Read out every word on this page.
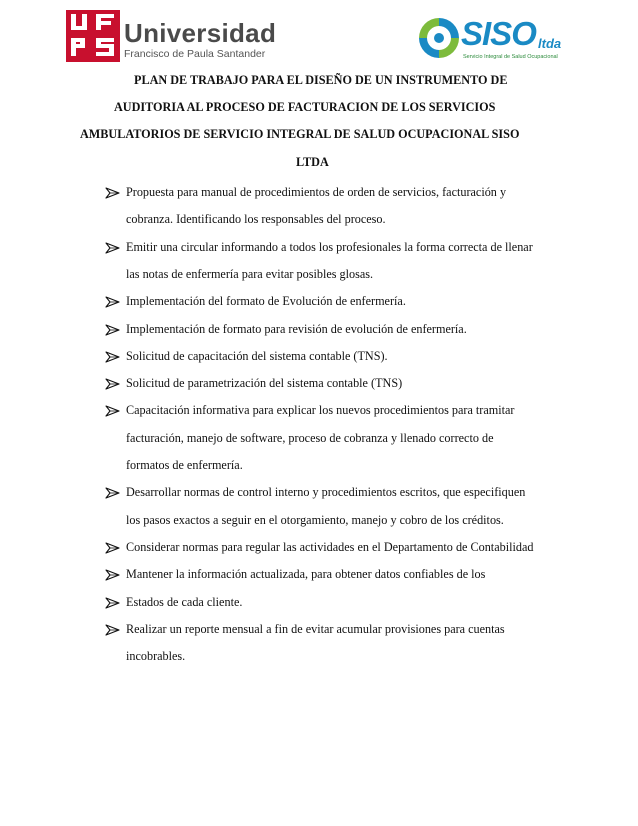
Universidad
Francisco de Paula Santander
SISO ltda
Servicio Integral de Salud Ocupacional
PLAN DE TRABAJO PARA EL DISEÑO DE UN INSTRUMENTO DE
AUDITORIA AL PROCESO DE FACTURACION DE LOS SERVICIOS
AMBULATORIOS DE SERVICIO INTEGRAL DE SALUD OCUPACIONAL SISO
LTDA
Propuesta para manual de procedimientos de orden de servicios, facturación y
cobranza. Identificando los responsables del proceso.
Emitir una circular informando a todos los profesionales la forma correcta de llenar
las notas de enfermería para evitar posibles glosas.
Implementación del formato de Evolución de enfermería.
Implementación de formato para revisión de evolución de enfermería.
Solicitud de capacitación del sistema contable (TNS).
Solicitud de parametrización del sistema contable (TNS)
Capacitación informativa para explicar los nuevos procedimientos para tramitar
facturación, manejo de software, proceso de cobranza y llenado correcto de
formatos de enfermería.
Desarrollar normas de control interno y procedimientos escritos, que especifiquen
los pasos exactos a seguir en el otorgamiento, manejo y cobro de los créditos.
Considerar normas para regular las actividades en el Departamento de Contabilidad
Mantener la información actualizada, para obtener datos confiables de los
Estados de cada cliente.
Realizar un reporte mensual a fin de evitar acumular provisiones para cuentas
incobrables.
